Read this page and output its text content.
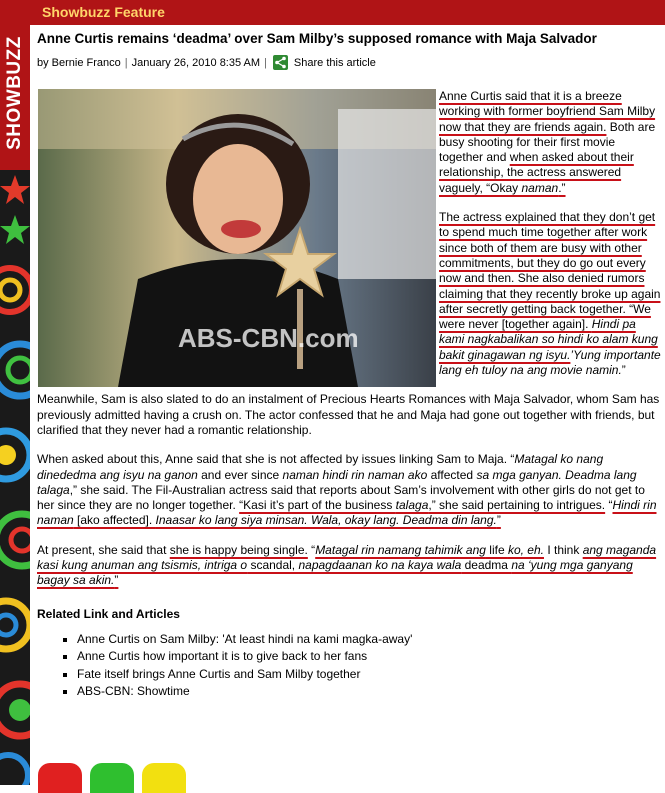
SHOWBUZZ
Showbuzz Feature
Anne Curtis remains ‘deadma’ over Sam Milby’s supposed romance with Maja Salvador
by Bernie Franco | January 26, 2010 8:35 AM | Share this article
ABS-CBN.com

Anne Curtis said that it is a breeze working with former boyfriend Sam Milby now that they are friends again. Both are busy shooting for their first movie together and when asked about their relationship, the actress answered vaguely, “Okay naman.”

The actress explained that they don’t get to spend much time together after work since both of them are busy with other commitments, but they do go out every now and then. She also denied rumors claiming that they recently broke up again after secretly getting back together. “We were never [together again]. Hindi pa kami nagkabalikan so hindi ko alam kung bakit ginagawan ng isyu.’Yung importante lang eh tuloy na ang movie namin.”

Meanwhile, Sam is also slated to do an instalment of Precious Hearts Romances with Maja Salvador, whom Sam has previously admitted having a crush on. The actor confessed that he and Maja had gone out together with friends, but clarified that they never had a romantic relationship.

When asked about this, Anne said that she is not affected by issues linking Sam to Maja. “Matagal ko nang dinededma ang isyu na ganon and ever since naman hindi rin naman ako affected sa mga ganyan. Deadma lang talaga,” she said. The Fil-Australian actress said that reports about Sam’s involvement with other girls do not get to her since they are no longer together. “Kasi it’s part of the business talaga,” she said pertaining to intrigues. “Hindi rin naman [ako affected]. Inaasar ko lang siya minsan. Wala, okay lang. Deadma din lang.”

At present, she said that she is happy being single. “Matagal rin namang tahimik ang life ko, eh. I think ang maganda kasi kung anuman ang tsismis, intriga o scandal, napagdaanan ko na kaya wala deadma na ‘yung mga ganyang bagay sa akin.”

Related Link and Articles
▪ Anne Curtis on Sam Milby: 'At least hindi na kami magka-away'
▪ Anne Curtis how important it is to give back to her fans
▪ Fate itself brings Anne Curtis and Sam Milby together
▪ ABS-CBN: Showtime
